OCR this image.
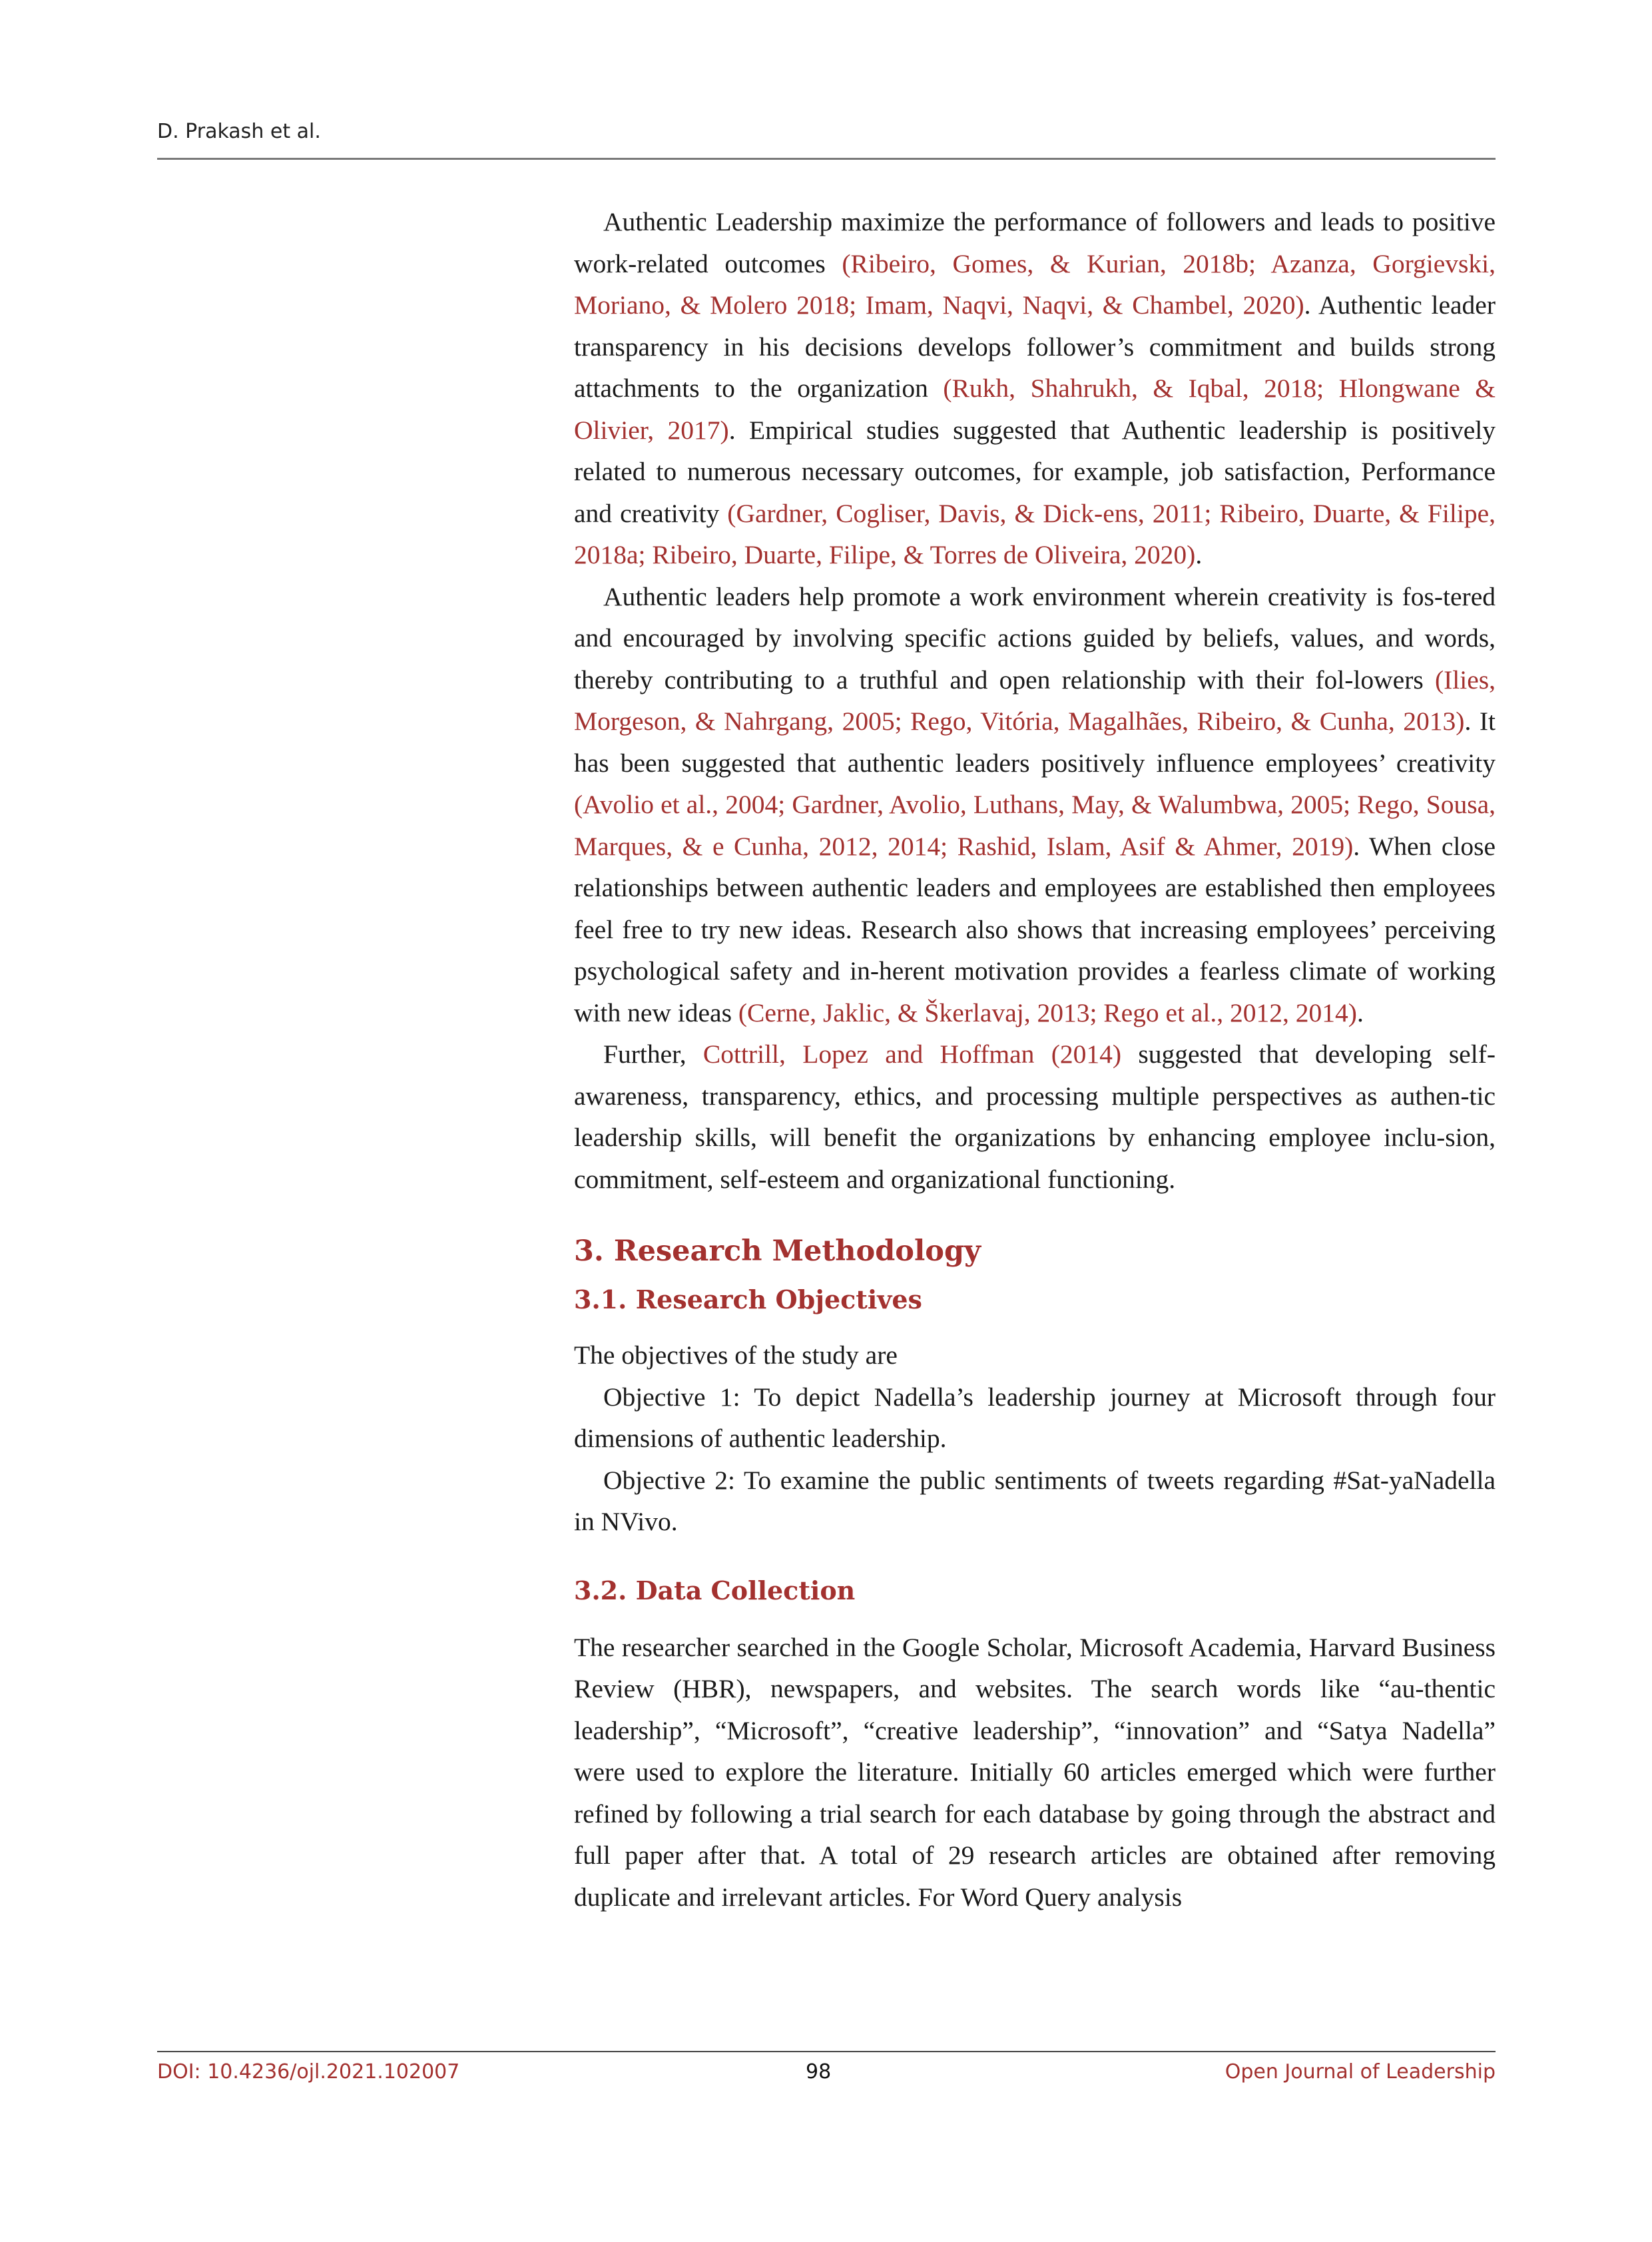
D. Prakash et al.

Authentic Leadership maximize the performance of followers and leads to positive work-related outcomes (Ribeiro, Gomes, & Kurian, 2018b; Azanza, Gorgievski, Moriano, & Molero 2018; Imam, Naqvi, Naqvi, & Chambel, 2020). Authentic leader transparency in his decisions develops follower’s commitment and builds strong attachments to the organization (Rukh, Shahrukh, & Iqbal, 2018; Hlongwane & Olivier, 2017). Empirical studies suggested that Authentic leadership is positively related to numerous necessary outcomes, for example, job satisfaction, Performance and creativity (Gardner, Cogliser, Davis, & Dick-ens, 2011; Ribeiro, Duarte, & Filipe, 2018a; Ribeiro, Duarte, Filipe, & Torres de Oliveira, 2020).

Authentic leaders help promote a work environment wherein creativity is fos-tered and encouraged by involving specific actions guided by beliefs, values, and words, thereby contributing to a truthful and open relationship with their fol-lowers (Ilies, Morgeson, & Nahrgang, 2005; Rego, Vitória, Magalhães, Ribeiro, & Cunha, 2013). It has been suggested that authentic leaders positively influence employees’ creativity (Avolio et al., 2004; Gardner, Avolio, Luthans, May, & Walumbwa, 2005; Rego, Sousa, Marques, & e Cunha, 2012, 2014; Rashid, Islam, Asif & Ahmer, 2019). When close relationships between authentic leaders and employees are established then employees feel free to try new ideas. Research also shows that increasing employees’ perceiving psychological safety and in-herent motivation provides a fearless climate of working with new ideas (Cerne, Jaklic, & Škerlavaj, 2013; Rego et al., 2012, 2014).

Further, Cottrill, Lopez and Hoffman (2014) suggested that developing self-awareness, transparency, ethics, and processing multiple perspectives as authen-tic leadership skills, will benefit the organizations by enhancing employee inclu-sion, commitment, self-esteem and organizational functioning.

3. Research Methodology
3.1. Research Objectives

The objectives of the study are

Objective 1: To depict Nadella’s leadership journey at Microsoft through four dimensions of authentic leadership.

Objective 2: To examine the public sentiments of tweets regarding #Sat-yaNadella in NVivo.

3.2. Data Collection

The researcher searched in the Google Scholar, Microsoft Academia, Harvard Business Review (HBR), newspapers, and websites. The search words like “au-thentic leadership”, “Microsoft”, “creative leadership”, “innovation” and “Satya Nadella” were used to explore the literature. Initially 60 articles emerged which were further refined by following a trial search for each database by going through the abstract and full paper after that. A total of 29 research articles are obtained after removing duplicate and irrelevant articles. For Word Query analysis

DOI: 10.4236/ojl.2021.102007	98	Open Journal of Leadership
